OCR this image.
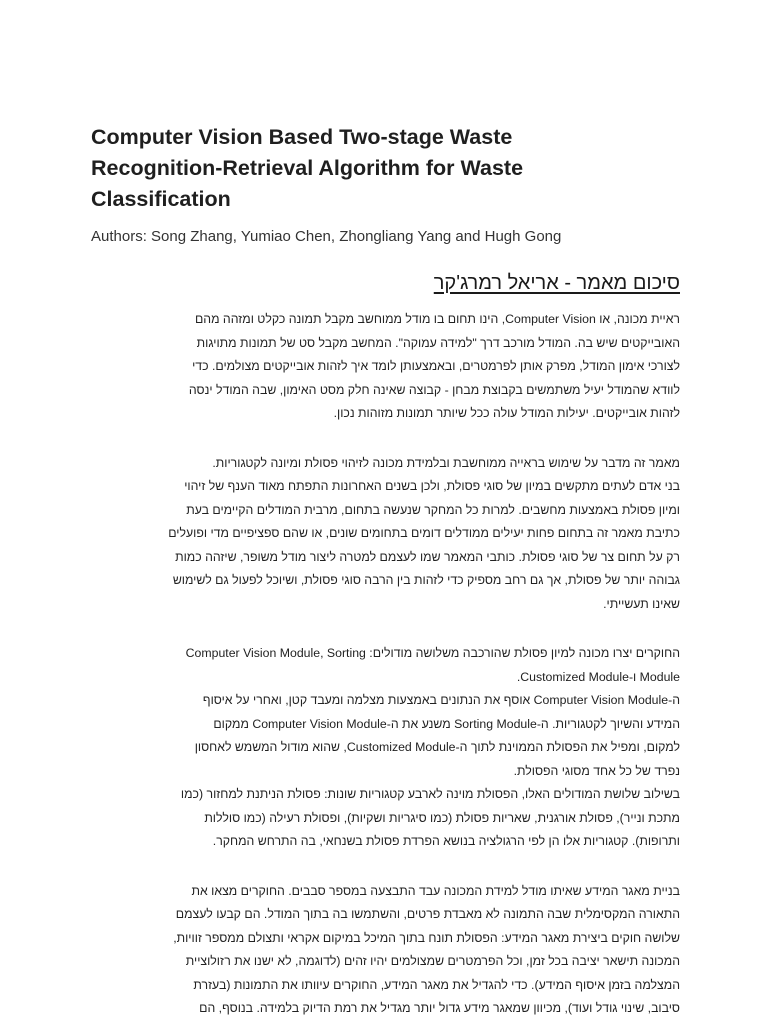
Computer Vision Based Two-stage Waste
Recognition-Retrieval Algorithm for Waste
Classification

Authors: Song Zhang, Yumiao Chen, Zhongliang Yang and Hugh Gong

סיכום מאמר - אריאל רמרג'קר

ראיית מכונה, או Computer Vision, הינו תחום בו מודל ממוחשב מקבל תמונה כקלט ומזהה מהם
האובייקטים שיש בה. המודל מורכב דרך "למידה עמוקה". המחשב מקבל סט של תמונות מתויגות
לצורכי אימון המודל, מפרק אותן לפרמטרים, ובאמצעותן לומד איך לזהות אובייקטים מצולמים. כדי
לוודא שהמודל יעיל משתמשים בקבוצת מבחן - קבוצה שאינה חלק מסט האימון, שבה המודל ינסה
לזהות אובייקטים. יעילות המודל עולה ככל שיותר תמונות מזוהות נכון.

מאמר זה מדבר על שימוש בראייה ממוחשבת ובלמידת מכונה לזיהוי פסולת ומיונה לקטגוריות.
בני אדם לעתים מתקשים במיון של סוגי פסולת, ולכן בשנים האחרונות התפתח מאוד הענף של זיהוי
ומיון פסולת באמצעות מחשבים. למרות כל המחקר שנעשה בתחום, מרבית המודלים הקיימים בעת
כתיבת מאמר זה בתחום פחות יעילים ממודלים דומים בתחומים שונים, או שהם ספציפיים מדי ופועלים
רק על תחום צר של סוגי פסולת. כותבי המאמר שמו לעצמם למטרה ליצור מודל משופר, שיזהה כמות
גבוהה יותר של פסולת, אך גם רחב מספיק כדי לזהות בין הרבה סוגי פסולת, ושיוכל לפעול גם לשימוש
שאינו תעשייתי.

החוקרים יצרו מכונה למיון פסולת שהורכבה משלושה מודולים: Computer Vision Module, Sorting
Module ו-Customized Module.
ה-Computer Vision Module אוסף את הנתונים באמצעות מצלמה ומעבד קטן, ואחרי על איסוף
המידע והשיוך לקטגוריות. ה-Sorting Module משנע את ה-Computer Vision Module ממקום
למקום, ומפיל את הפסולת הממוינת לתוך ה-Customized Module, שהוא מודול המשמש לאחסון
נפרד של כל אחד מסוגי הפסולת.
בשילוב שלושת המודולים האלו, הפסולת מוינה לארבע קטגוריות שונות: פסולת הניתנת למחזור (כמו
מתכת ונייר), פסולת אורגנית, שאריות פסולת (כמו סיגריות ושקיות), ופסולת רעילה (כמו סוללות
ותרופות). קטגוריות אלו הן לפי הרגולציה בנושא הפרדת פסולת בשנחאי, בה התרחש המחקר.

בניית מאגר המידע שאיתו מודל למידת המכונה עבד התבצעה במספר סבבים. החוקרים מצאו את
התאורה המקסימלית שבה התמונה לא מאבדת פרטים, והשתמשו בה בתוך המודל. הם קבעו לעצמם
שלושה חוקים ביצירת מאגר המידע: הפסולת תונח בתוך המיכל במיקום אקראי ותצולם ממספר זוויות,
המכונה תישאר יציבה בכל זמן, וכל הפרמטרים שמצולמים יהיו זהים (לדוגמה, לא ישנו את רזולוציית
המצלמה בזמן איסוף המידע). כדי להגדיל את מאגר המידע, החוקרים עיוותו את התמונות (בעזרת
סיבוב, שינוי גודל ועוד), מכיוון שמאגר מידע גדול יותר מגדיל את רמת הדיוק בלמידה. בנוסף, הם
